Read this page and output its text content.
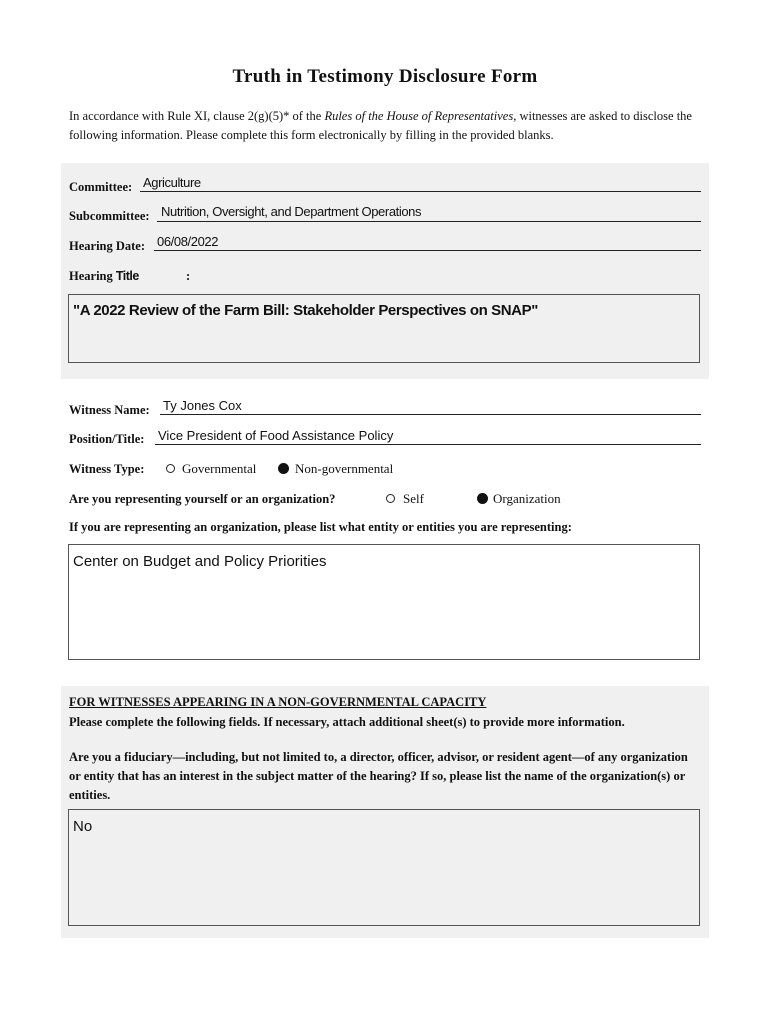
Truth in Testimony Disclosure Form
In accordance with Rule XI, clause 2(g)(5)* of the Rules of the House of Representatives, witnesses are asked to disclose the following information. Please complete this form electronically by filling in the provided blanks.
Committee: Agriculture
Subcommittee: Nutrition, Oversight, and Department Operations
Hearing Date: 06/08/2022
Hearing Title	:
"A 2022 Review of the Farm Bill: Stakeholder Perspectives on SNAP"
Witness Name: Ty Jones Cox
Position/Title: Vice President of Food Assistance Policy
Witness Type:	Governmental	Non-governmental
Are you representing yourself or an organization?	Self	Organization
If you are representing an organization, please list what entity or entities you are representing:
Center on Budget and Policy Priorities
FOR WITNESSES APPEARING IN A NON-GOVERNMENTAL CAPACITY
Please complete the following fields. If necessary, attach additional sheet(s) to provide more information.
Are you a fiduciary—including, but not limited to, a director, officer, advisor, or resident agent—of any organization or entity that has an interest in the subject matter of the hearing? If so, please list the name of the organization(s) or entities.
No
